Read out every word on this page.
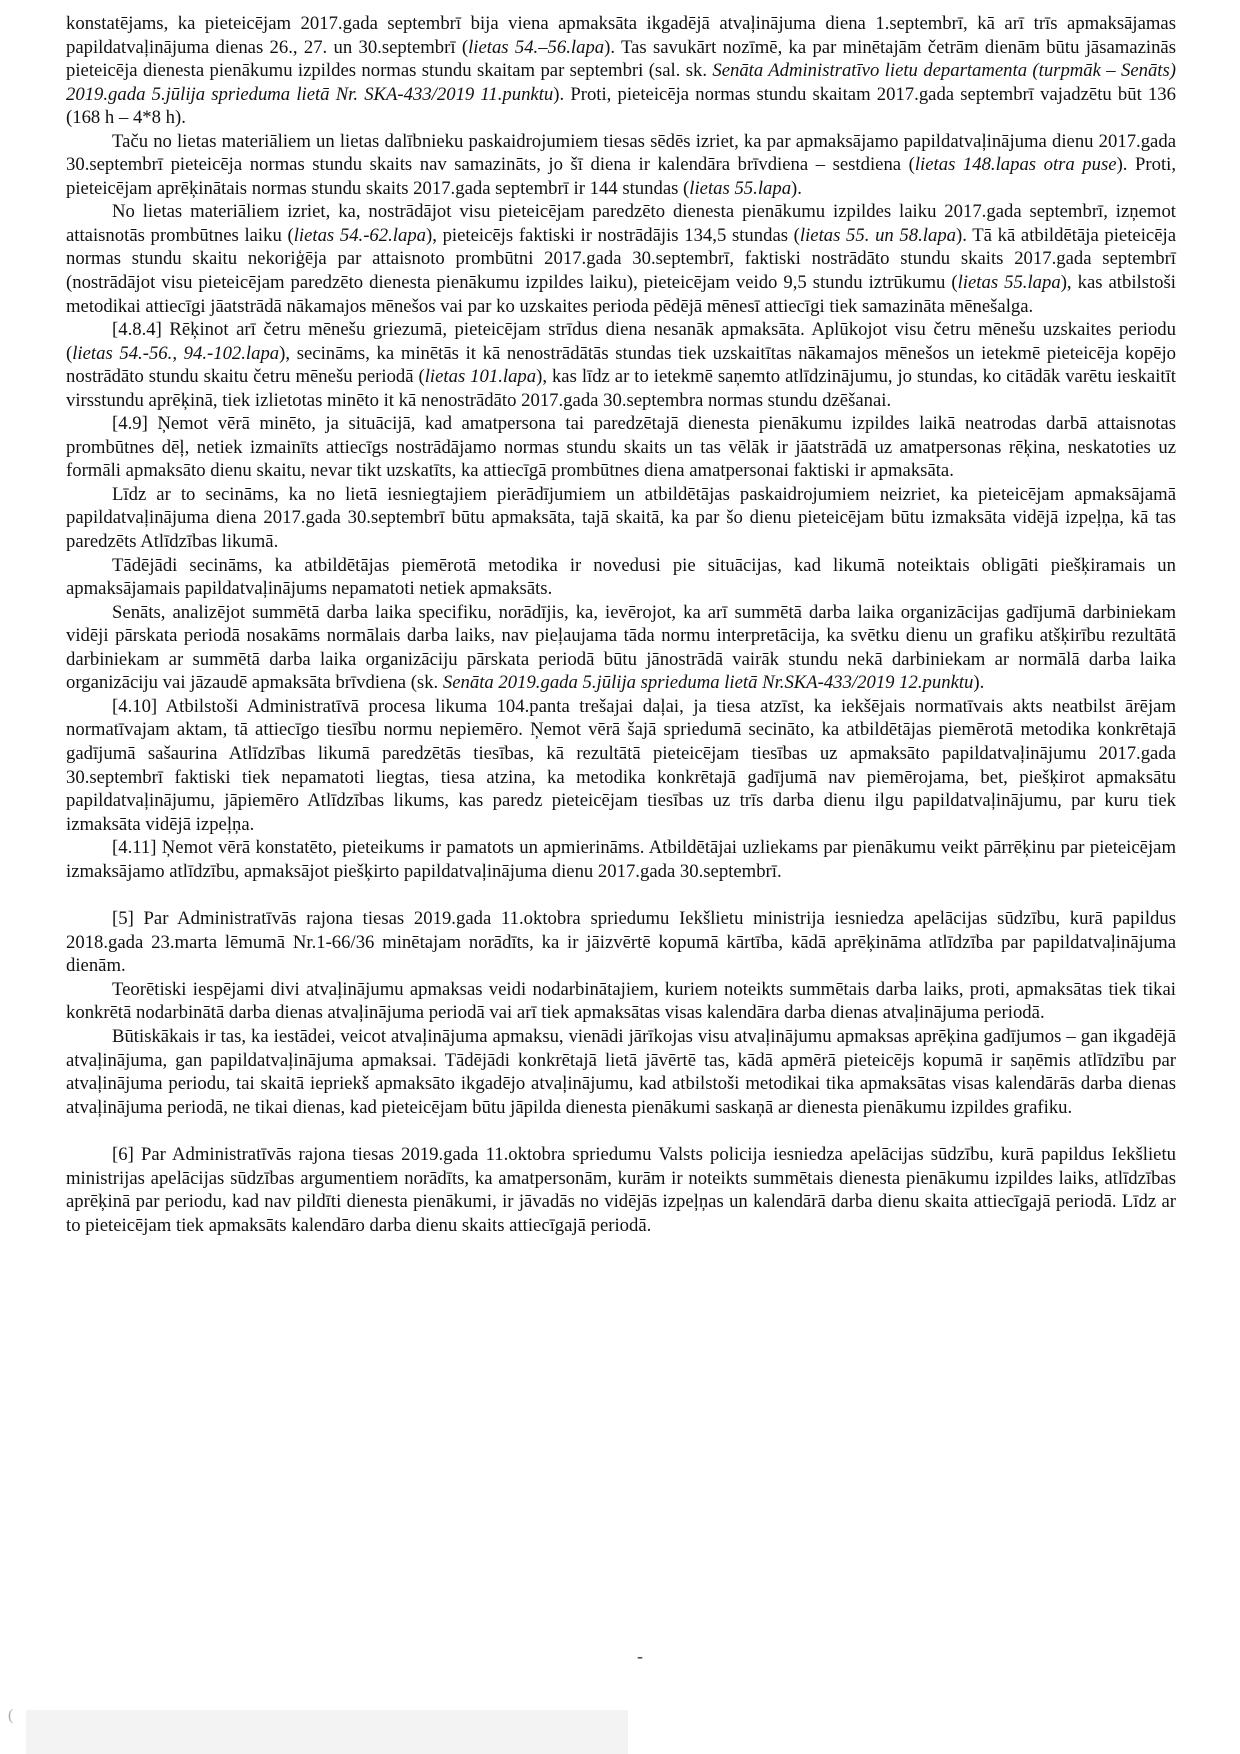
konstatējams, ka pieteicējam 2017.gada septembrī bija viena apmaksāta ikgadējā atvaļinājuma diena 1.septembrī, kā arī trīs apmaksājamas papildatvaļinājuma dienas 26., 27. un 30.septembrī (lietas 54.–56.lapa). Tas savukārt nozīmē, ka par minētajām četrām dienām būtu jāsamazinās pieteicēja dienesta pienākumu izpildes normas stundu skaitam par septembri (sal. sk. Senāta Administratīvo lietu departamenta (turpmāk – Senāts) 2019.gada 5.jūlija sprieduma lietā Nr. SKA-433/2019 11.punktu). Proti, pieteicēja normas stundu skaitam 2017.gada septembrī vajadzētu būt 136 (168 h – 4*8 h).

Taču no lietas materiāliem un lietas dalībnieku paskaidrojumiem tiesas sēdēs izriet, ka par apmaksājamo papildatvaļinājuma dienu 2017.gada 30.septembrī pieteicēja normas stundu skaits nav samazināts, jo šī diena ir kalendāra brīvdiena – sestdiena (lietas 148.lapas otra puse). Proti, pieteicējam aprēķinātais normas stundu skaits 2017.gada septembrī ir 144 stundas (lietas 55.lapa).

No lietas materiāliem izriet, ka, nostrādājot visu pieteicējam paredzēto dienesta pienākumu izpildes laiku 2017.gada septembrī, izņemot attaisnotās prombūtnes laiku (lietas 54.-62.lapa), pieteicējs faktiski ir nostrādājis 134,5 stundas (lietas 55. un 58.lapa). Tā kā atbildētāja pieteicēja normas stundu skaitu nekoriģēja par attaisnoto prombūtni 2017.gada 30.septembrī, faktiski nostrādāto stundu skaits 2017.gada septembrī (nostrādājot visu pieteicējam paredzēto dienesta pienākumu izpildes laiku), pieteicējam veido 9,5 stundu iztrūkumu (lietas 55.lapa), kas atbilstoši metodikai attiecīgi jāatstrādā nākamajos mēnešos vai par ko uzskaites perioda pēdējā mēnesī attiecīgi tiek samazināta mēnešalga.

[4.8.4] Rēķinot arī četru mēnešu griezumā, pieteicējam strīdus diena nesanāk apmaksāta. Aplūkojot visu četru mēnešu uzskaites periodu (lietas 54.-56., 94.-102.lapa), secināms, ka minētās it kā nenostrādātās stundas tiek uzskaitītas nākamajos mēnešos un ietekmē pieteicēja kopējo nostrādāto stundu skaitu četru mēnešu periodā (lietas 101.lapa), kas līdz ar to ietekmē saņemto atlīdzinājumu, jo stundas, ko citādāk varētu ieskaitīt virsstundu aprēķinā, tiek izlietotas minēto it kā nenostrādāto 2017.gada 30.septembra normas stundu dzēšanai.

[4.9] Ņemot vērā minēto, ja situācijā, kad amatpersona tai paredzētajā dienesta pienākumu izpildes laikā neatrodas darbā attaisnotas prombūtnes dēļ, netiek izmainīts attiecīgs nostrādājamo normas stundu skaits un tas vēlāk ir jāatstrādā uz amatpersonas rēķina, neskatoties uz formāli apmaksāto dienu skaitu, nevar tikt uzskatīts, ka attiecīgā prombūtnes diena amatpersonai faktiski ir apmaksāta.

Līdz ar to secināms, ka no lietā iesniegtajiem pierādījumiem un atbildētājas paskaidrojumiem neizriet, ka pieteicējam apmaksājamā papildatvaļinājuma diena 2017.gada 30.septembrī būtu apmaksāta, tajā skaitā, ka par šo dienu pieteicējam būtu izmaksāta vidējā izpeļņa, kā tas paredzēts Atlīdzības likumā.

Tādējādi secināms, ka atbildētājas piemērotā metodika ir novedusi pie situācijas, kad likumā noteiktais obligāti piešķiramais un apmaksājamais papildatvaļinājums nepamatoti netiek apmaksāts.

Senāts, analizējot summētā darba laika specifiku, norādījis, ka, ievērojot, ka arī summētā darba laika organizācijas gadījumā darbiniekam vidēji pārskata periodā nosakāms normālais darba laiks, nav pieļaujama tāda normu interpretācija, ka svētku dienu un grafiku atšķirību rezultātā darbiniekam ar summētā darba laika organizāciju pārskata periodā būtu jānostrādā vairāk stundu nekā darbiniekam ar normālā darba laika organizāciju vai jāzaudē apmaksāta brīvdiena (sk. Senāta 2019.gada 5.jūlija sprieduma lietā Nr.SKA-433/2019 12.punktu).

[4.10] Atbilstoši Administratīvā procesa likuma 104.panta trešajai daļai, ja tiesa atzīst, ka iekšējais normatīvais akts neatbilst ārējam normatīvajam aktam, tā attiecīgo tiesību normu nepiemēro. Ņemot vērā šajā spriedumā secināto, ka atbildētājas piemērotā metodika konkrētajā gadījumā sašaurina Atlīdzības likumā paredzētās tiesības, kā rezultātā pieteicējam tiesības uz apmaksāto papildatvaļinājumu 2017.gada 30.septembrī faktiski tiek nepamatoti liegtas, tiesa atzina, ka metodika konkrētajā gadījumā nav piemērojama, bet, piešķirot apmaksātu papildatvaļinājumu, jāpiemēro Atlīdzības likums, kas paredz pieteicējam tiesības uz trīs darba dienu ilgu papildatvaļinājumu, par kuru tiek izmaksāta vidējā izpeļņa.

[4.11] Ņemot vērā konstatēto, pieteikums ir pamatots un apmierināms. Atbildētājai uzliekams par pienākumu veikt pārrēķinu par pieteicējam izmaksājamo atlīdzību, apmaksājot piešķirto papildatvaļinājuma dienu 2017.gada 30.septembrī.

[5] Par Administratīvās rajona tiesas 2019.gada 11.oktobra spriedumu Iekšlietu ministrija iesniedza apelācijas sūdzību, kurā papildus 2018.gada 23.marta lēmumā Nr.1-66/36 minētajam norādīts, ka ir jāizvērtē kopumā kārtība, kādā aprēķināma atlīdzība par papildatvaļinājuma dienām.

Teorētiski iespējami divi atvaļinājumu apmaksas veidi nodarbinātajiem, kuriem noteikts summētais darba laiks, proti, apmaksātas tiek tikai konkrētā nodarbinātā darba dienas atvaļinājuma periodā vai arī tiek apmaksātas visas kalendāra darba dienas atvaļinājuma periodā.

Būtiskākais ir tas, ka iestādei, veicot atvaļinājuma apmaksu, vienādi jārīkojas visu atvaļinājumu apmaksas aprēķina gadījumos – gan ikgadējā atvaļinājuma, gan papildatvaļinājuma apmaksai. Tādējādi konkrētajā lietā jāvērtē tas, kādā apmērā pieteicējs kopumā ir saņēmis atlīdzību par atvaļinājuma periodu, tai skaitā iepriekš apmaksāto ikgadējo atvaļinājumu, kad atbilstoši metodikai tika apmaksātas visas kalendārās darba dienas atvaļinājuma periodā, ne tikai dienas, kad pieteicējam būtu jāpilda dienesta pienākumi saskaņā ar dienesta pienākumu izpildes grafiku.

[6] Par Administratīvās rajona tiesas 2019.gada 11.oktobra spriedumu Valsts policija iesniedza apelācijas sūdzību, kurā papildus Iekšlietu ministrijas apelācijas sūdzības argumentiem norādīts, ka amatpersonām, kurām ir noteikts summētais dienesta pienākumu izpildes laiks, atlīdzības aprēķinā par periodu, kad nav pildīti dienesta pienākumi, ir jāvadās no vidējās izpeļņas un kalendārā darba dienu skaita attiecīgajā periodā. Līdz ar to pieteicējam tiek apmaksāts kalendāro darba dienu skaits attiecīgajā periodā.

-
(
